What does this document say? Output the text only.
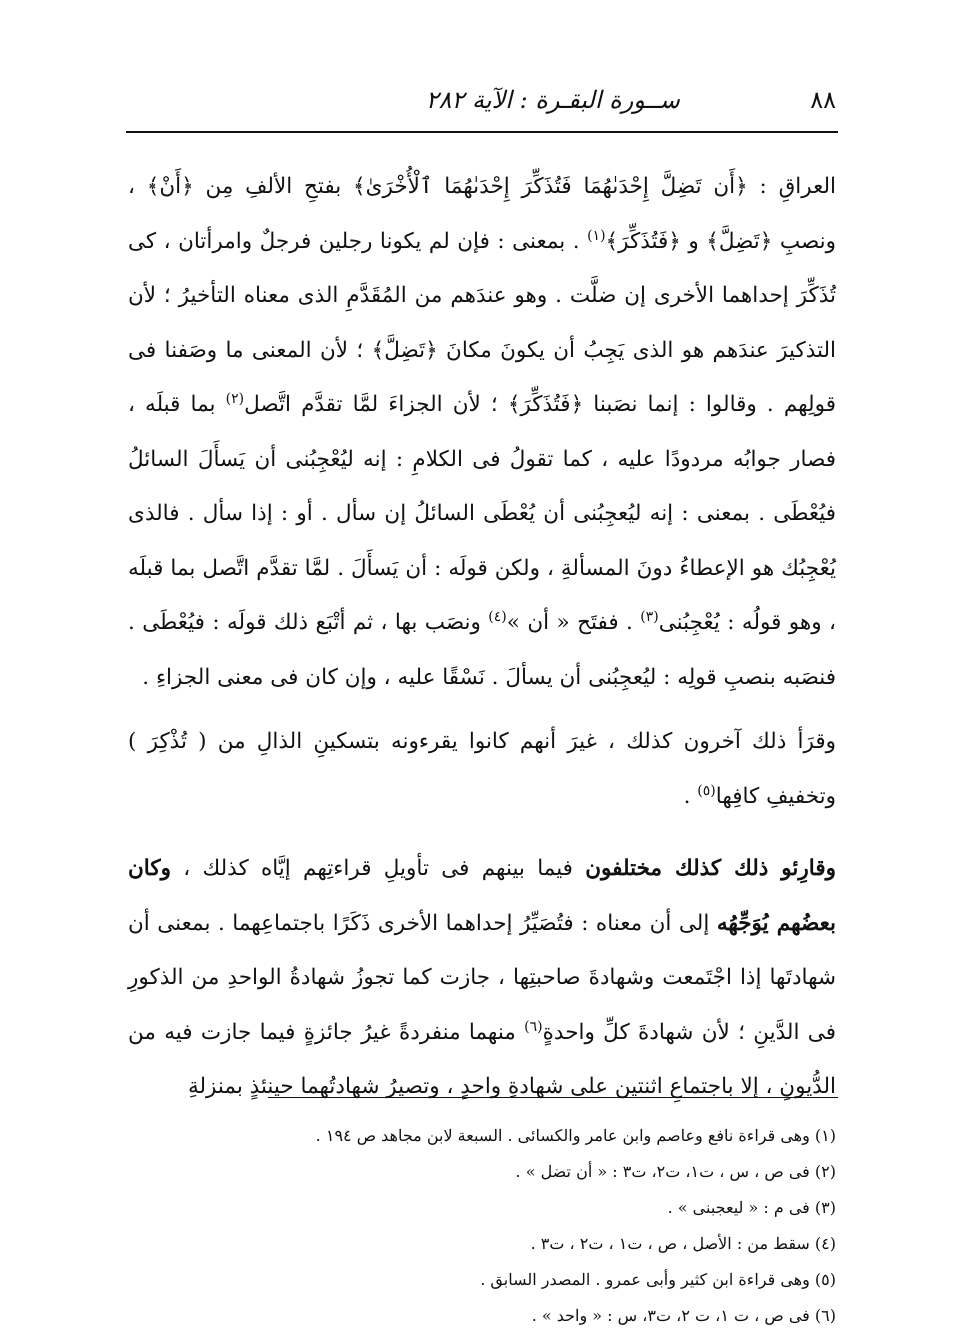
٨٨
ســورة البقـرة : الآية ٢٨٢

العراقِ : ﴿أَن تَضِلَّ إِحْدَىٰهُمَا فَتُذَكِّرَ إِحْدَىٰهُمَا ٱلْأُخْرَىٰ﴾ بفتحِ الألفِ مِن ﴿أَنْ﴾ ، ونصبِ ﴿تَضِلَّ﴾ و ﴿فَتُذَكِّرَ﴾$^{(١)}$ . بمعنى : فإن لم يكونا رجلين فرجلٌ وامرأتان ، كى تُذَكِّرَ إحداهما الأخرى إن ضلَّت . وهو عندَهم من المُقَدَّمِ الذى معناه التأخيرُ ؛ لأن التذكيرَ عندَهم هو الذى يَجِبُ أن يكونَ مكانَ ﴿تَضِلَّ﴾ ؛ لأن المعنى ما وصَفنا فى قولِهم . وقالوا : إنما نصَبنا ﴿فَتُذَكِّرَ﴾ ؛ لأن الجزاءَ لمَّا تقدَّم اتَّصل$^{(٢)}$ بما قبلَه ، فصار جوابُه مردودًا عليه ، كما تقولُ فى الكلامِ : إنه ليُعْجِبُنى أن يَسأَلَ السائلُ فيُعْطَى . بمعنى : إنه ليُعجِبُنى أن يُعْطَى السائلُ إن سأل . أو : إذا سأل . فالذى يُعْجِبُك هو الإعطاءُ دونَ المسألةِ ، ولكن قولَه : أن يَسأَلَ . لمَّا تقدَّم اتَّصل بما قبلَه ، وهو قولُه : يُعْجِبُنى$^{(٣)}$ . ففتَح « أن »$^{(٤)}$ ونصَب بها ، ثم أتْبَع ذلك قولَه : فيُعْطَى . فنصَبه بنصبِ قولِه : ليُعجِبُنى أن يسألَ . نَسْقًا عليه ، وإن كان فى معنى الجزاءِ .

وقرَأ ذلك آخرون كذلك ، غيرَ أنهم كانوا يقرءونه بتسكينِ الذالِ من ( تُذْكِرَ ) وتخفيفِ كافِها$^{(٥)}$ .

وقارِئو ذلك كذلك مختلفون فيما بينهم فى تأويلِ قراءتِهم إيَّاه كذلك ، وكان بعضُهم يُوَجِّهُه إلى أن معناه : فتُصَيِّرُ إحداهما الأخرى ذَكَرًا باجتماعِهما . بمعنى أن شهادتَها إذا اجْتَمعت وشهادةَ صاحبتِها ، جازت كما تجوزُ شهادةُ الواحدِ من الذكورِ فى الدَّينِ ؛ لأن شهادةَ كلِّ واحدةٍ$^{(٦)}$ منهما منفردةً غيرُ جائزةٍ فيما جازت فيه من الدُّيونِ ، إلا باجتماعِ اثنتين على شهادةِ واحدٍ ، وتصيرُ شهادتُهما حينئذٍ بمنزلةِ

(١) وهى قراءة نافع وعاصم وابن عامر والكسائى . السبعة لابن مجاهد ص ١٩٤ .
(٢) فى ص ، س ، ت١، ت٢، ت٣ : « أن تضل » .
(٣) فى م : « ليعجبنى » .
(٤) سقط من : الأصل ، ص ، ت١ ، ت٢ ، ت٣ .
(٥) وهى قراءة ابن كثير وأبى عمرو . المصدر السابق .
(٦) فى ص ، ت ١، ت ٢، ت٣، س : « واحد » .
